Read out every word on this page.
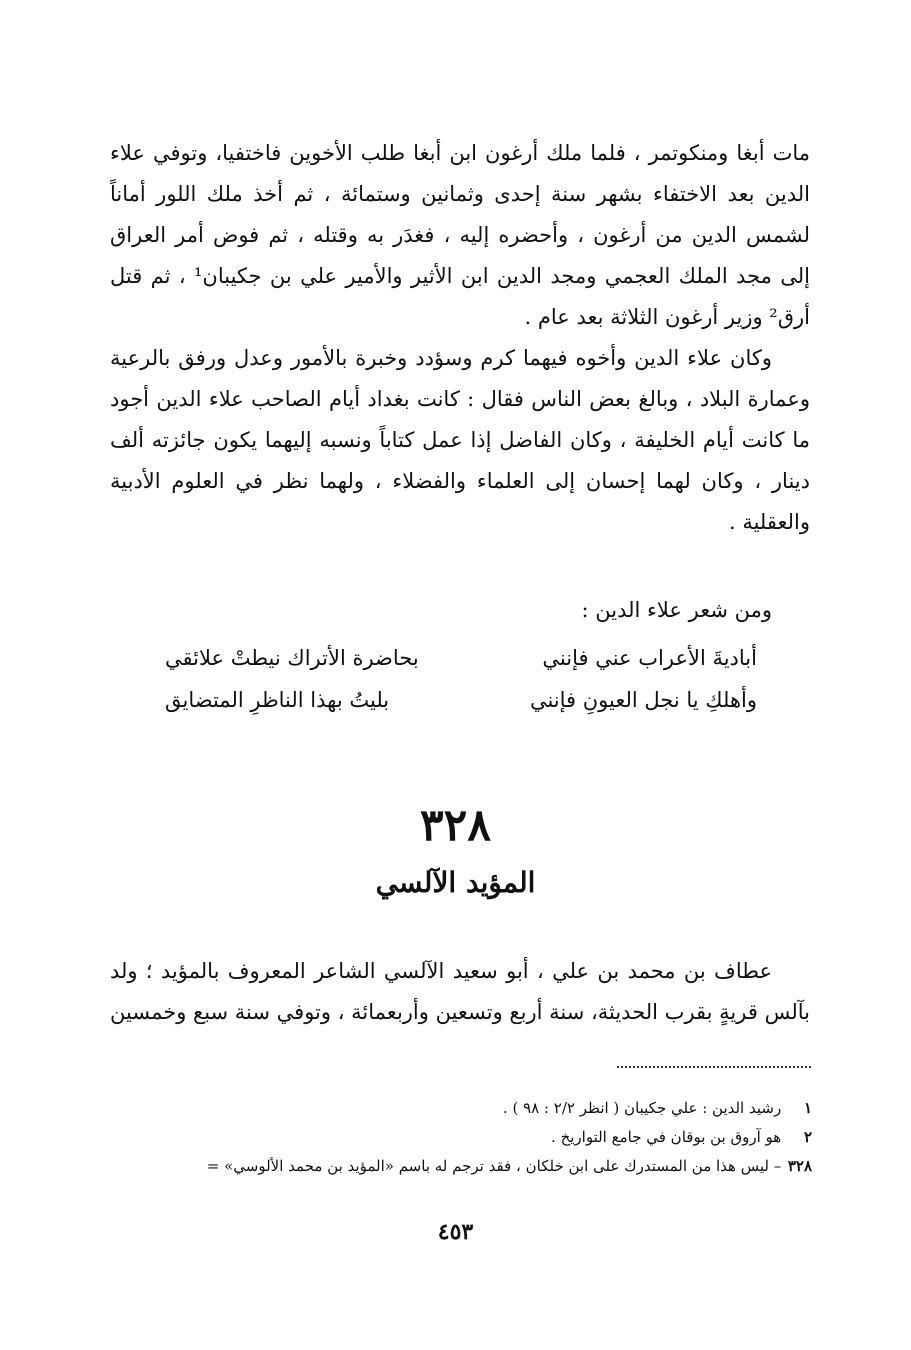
مات أبغا ومنكوتمر ، فلما ملك أرغون ابن أبغا طلب الأخوين فاختفيا، وتوفي علاء الدين بعد الاختفاء بشهر سنة إحدى وثمانين وستمائة ، ثم أخذ ملك اللور أماناً لشمس الدين من أرغون ، وأحضره إليه ، فغدَر به وقتله ، ثم فوض أمر العراق إلى مجد الملك العجمي ومجد الدين ابن الأثير والأمير علي بن جكيبان¹ ، ثم قتل أرق² وزير أرغون الثلاثة بعد عام .

وكان علاء الدين وأخوه فيهما كرم وسؤدد وخبرة بالأمور وعدل ورفق بالرعية وعمارة البلاد ، وبالغ بعض الناس فقال : كانت بغداد أيام الصاحب علاء الدين أجود ما كانت أيام الخليفة ، وكان الفاضل إذا عمل كتاباً ونسبه إليهما يكون جائزته ألف دينار ، وكان لهما إحسان إلى العلماء والفضلاء ، ولهما نظر في العلوم الأدبية والعقلية .

ومن شعر علاء الدين :
أباديةَ الأعراب عني فإنني
بحاضرة الأتراك نيطتْ علائقي
وأهلكِ يا نجل العيونِ فإنني
بليتُ بهذا الناظرِ المتضايق
٣٢٨
المؤيد الآلسي

عطاف بن محمد بن علي ، أبو سعيد الآلسي الشاعر المعروف بالمؤيد ؛ ولد بآلس قريةٍ بقرب الحديثة، سنة أربع وتسعين وأربعمائة ، وتوفي سنة سبع وخمسين

١ رشيد الدين : علي جكيبان ( انظر ٢/٢ : ٩٨ ) .

٢ هو آروق بن بوقان في جامع التواريخ .

٣٢٨ – ليس هذا من المستدرك على ابن خلكان ، فقد ترجم له باسم «المؤيد بن محمد الألوسي» =

٤٥٣
